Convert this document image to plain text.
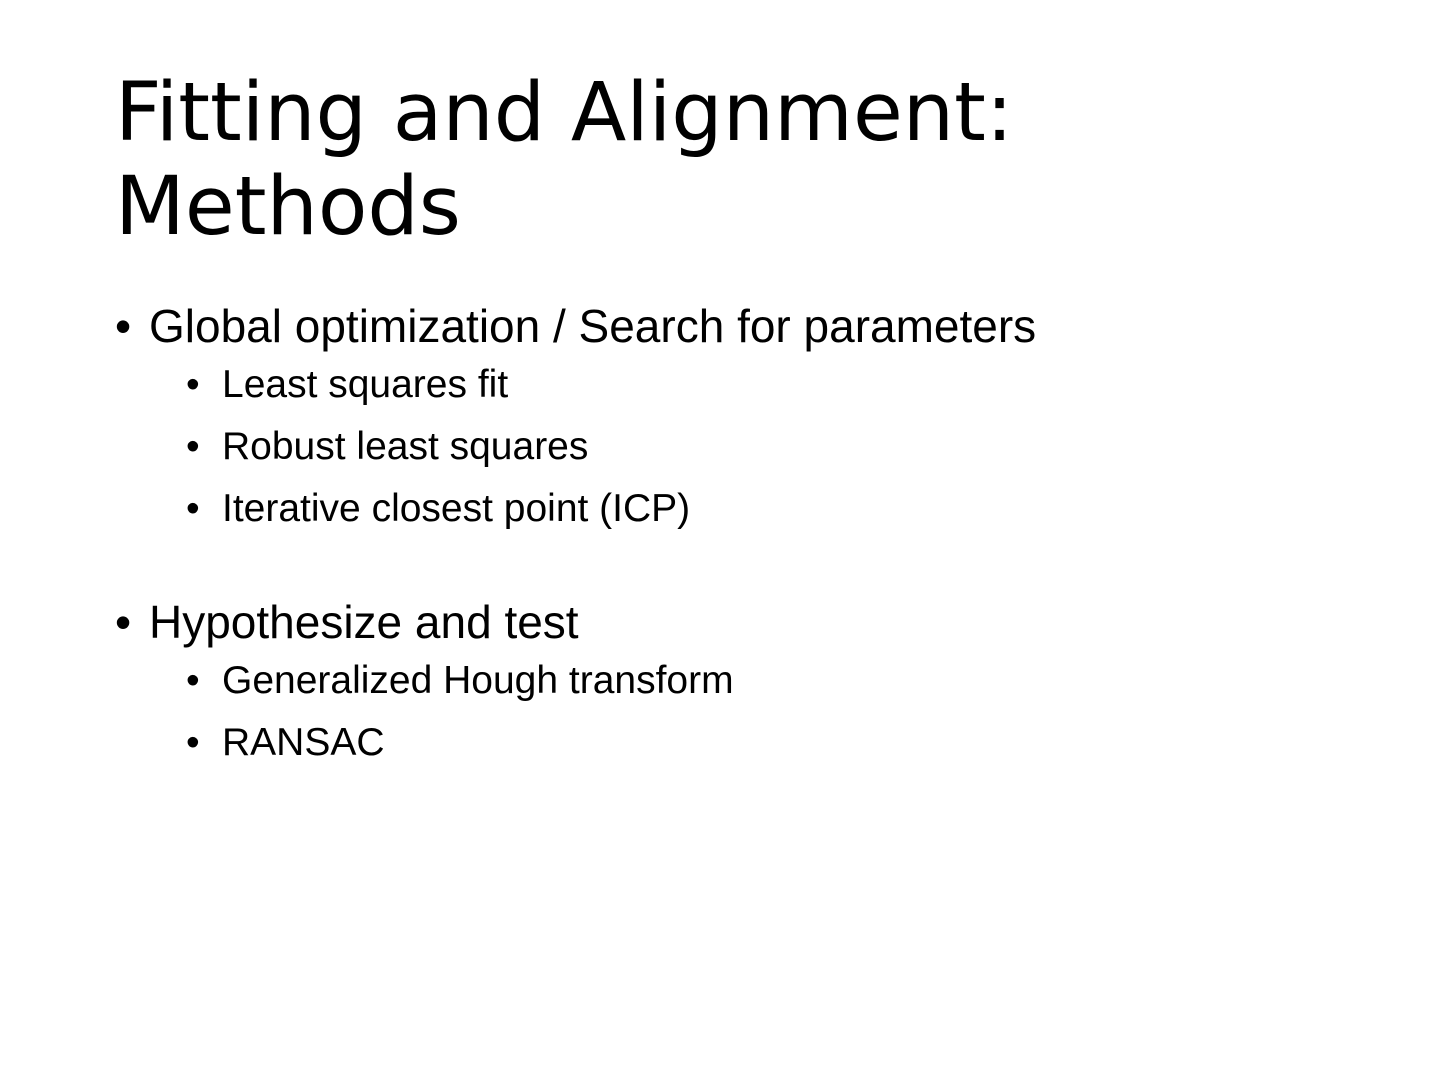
Fitting and Alignment:
Methods
• Global optimization / Search for parameters
• Least squares fit
• Robust least squares
• Iterative closest point (ICP)
• Hypothesize and test
• Generalized Hough transform
• RANSAC
